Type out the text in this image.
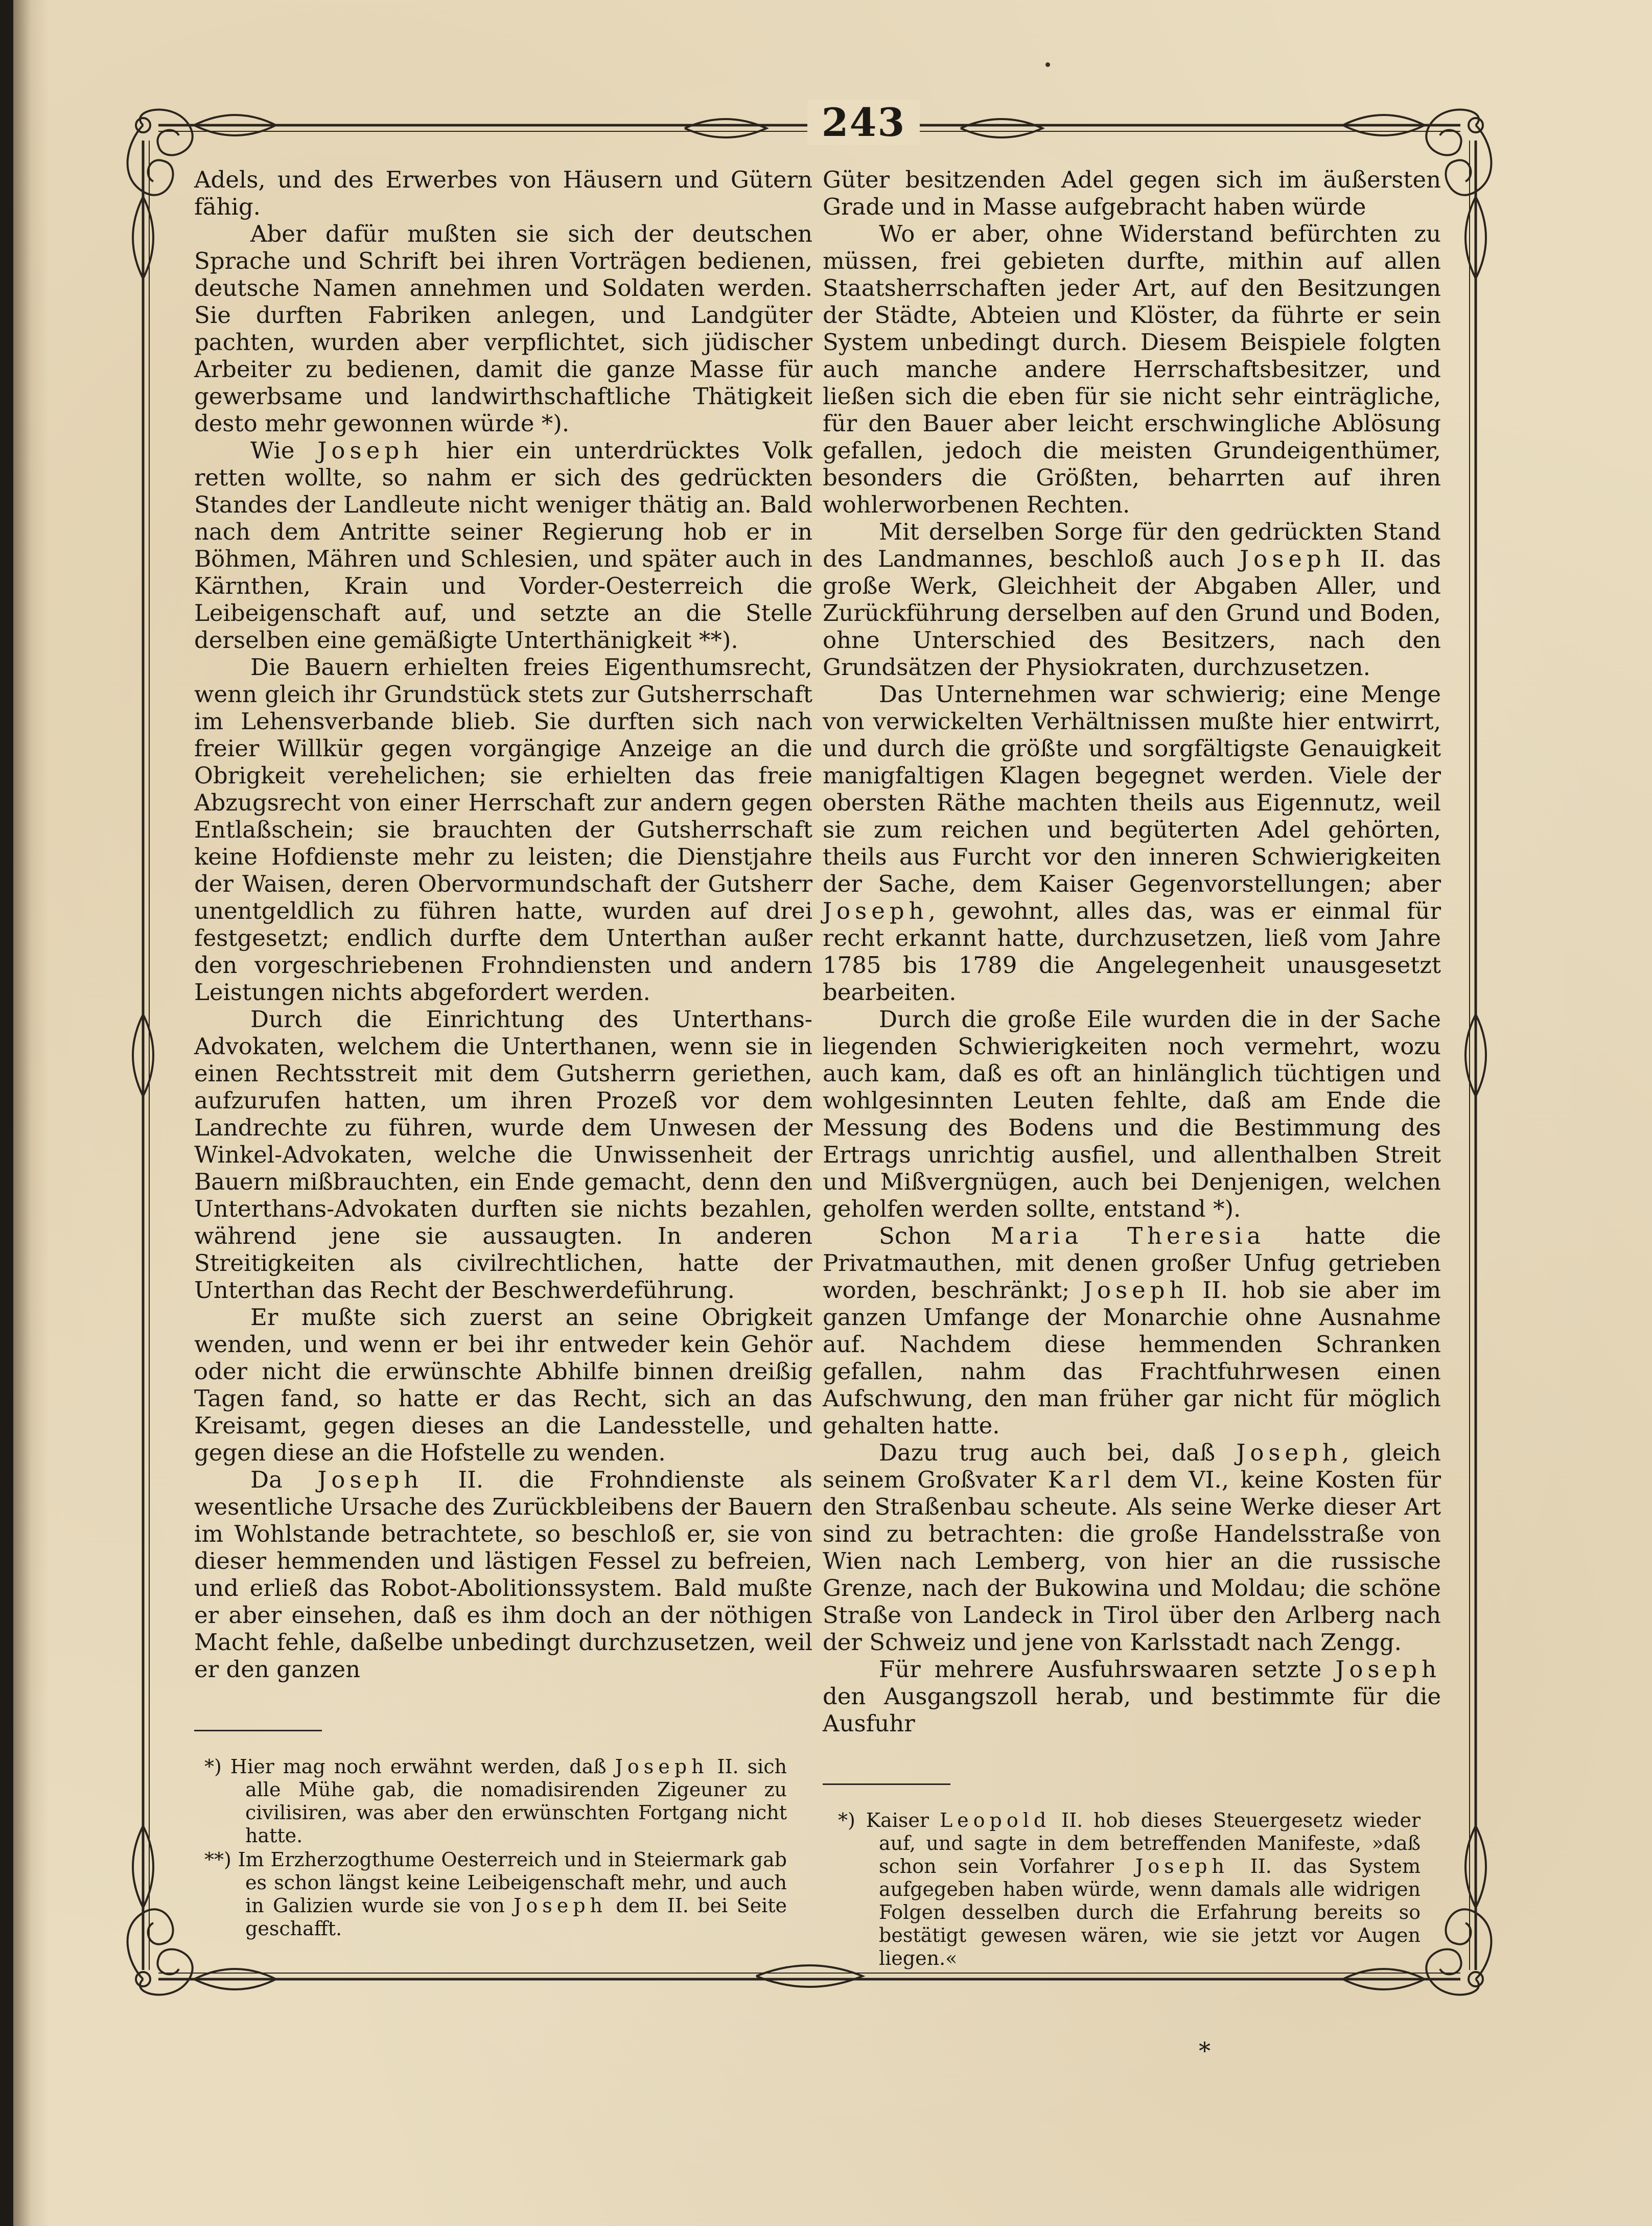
243

Adels, und des Erwerbes von Häusern und Gütern fähig.

Aber dafür mußten sie sich der deutschen Sprache und Schrift bei ihren Vorträgen bedienen, deutsche Namen annehmen und Soldaten werden. Sie durften Fabriken anlegen, und Landgüter pachten, wurden aber verpflichtet, sich jüdischer Arbeiter zu bedienen, damit die ganze Masse für gewerbsame und landwirthschaftliche Thätigkeit desto mehr gewonnen würde *).

Wie Joseph hier ein unterdrücktes Volk retten wollte, so nahm er sich des gedrückten Standes der Landleute nicht weniger thätig an. Bald nach dem Antritte seiner Regierung hob er in Böhmen, Mähren und Schlesien, und später auch in Kärnthen, Krain und Vorder-Oesterreich die Leibeigenschaft auf, und setzte an die Stelle derselben eine gemäßigte Unterthänigkeit **).

Die Bauern erhielten freies Eigenthumsrecht, wenn gleich ihr Grundstück stets zur Gutsherrschaft im Lehensverbande blieb. Sie durften sich nach freier Willkür gegen vorgängige Anzeige an die Obrigkeit verehelichen; sie erhielten das freie Abzugsrecht von einer Herrschaft zur andern gegen Entlaßschein; sie brauchten der Gutsherrschaft keine Hofdienste mehr zu leisten; die Dienstjahre der Waisen, deren Obervormundschaft der Gutsherr unentgeldlich zu führen hatte, wurden auf drei festgesetzt; endlich durfte dem Unterthan außer den vorgeschriebenen Frohndiensten und andern Leistungen nichts abgefordert werden.

Durch die Einrichtung des Unterthans-Advokaten, welchem die Unterthanen, wenn sie in einen Rechtsstreit mit dem Gutsherrn geriethen, aufzurufen hatten, um ihren Prozeß vor dem Landrechte zu führen, wurde dem Unwesen der Winkel-Advokaten, welche die Unwissenheit der Bauern mißbrauchten, ein Ende gemacht, denn den Unterthans-Advokaten durften sie nichts bezahlen, während jene sie aussaugten. In anderen Streitigkeiten als civilrechtlichen, hatte der Unterthan das Recht der Beschwerdeführung.

Er mußte sich zuerst an seine Obrigkeit wenden, und wenn er bei ihr entweder kein Gehör oder nicht die erwünschte Abhilfe binnen dreißig Tagen fand, so hatte er das Recht, sich an das Kreisamt, gegen dieses an die Landesstelle, und gegen diese an die Hofstelle zu wenden.

Da Joseph II. die Frohndienste als wesentliche Ursache des Zurückbleibens der Bauern im Wohlstande betrachtete, so beschloß er, sie von dieser hemmenden und lästigen Fessel zu befreien, und erließ das Robot-Abolitionssystem. Bald mußte er aber einsehen, daß es ihm doch an der nöthigen Macht fehle, daßelbe unbedingt durchzusetzen, weil er den ganzen

Güter besitzenden Adel gegen sich im äußersten Grade und in Masse aufgebracht haben würde

Wo er aber, ohne Widerstand befürchten zu müssen, frei gebieten durfte, mithin auf allen Staatsherrschaften jeder Art, auf den Besitzungen der Städte, Abteien und Klöster, da führte er sein System unbedingt durch. Diesem Beispiele folgten auch manche andere Herrschaftsbesitzer, und ließen sich die eben für sie nicht sehr einträgliche, für den Bauer aber leicht erschwingliche Ablösung gefallen, jedoch die meisten Grundeigenthümer, besonders die Größten, beharrten auf ihren wohlerworbenen Rechten.

Mit derselben Sorge für den gedrückten Stand des Landmannes, beschloß auch Joseph II. das große Werk, Gleichheit der Abgaben Aller, und Zurückführung derselben auf den Grund und Boden, ohne Unterschied des Besitzers, nach den Grundsätzen der Physiokraten, durchzusetzen.

Das Unternehmen war schwierig; eine Menge von verwickelten Verhältnissen mußte hier entwirrt, und durch die größte und sorgfältigste Genauigkeit manigfaltigen Klagen begegnet werden. Viele der obersten Räthe machten theils aus Eigennutz, weil sie zum reichen und begüterten Adel gehörten, theils aus Furcht vor den inneren Schwierigkeiten der Sache, dem Kaiser Gegenvorstellungen; aber Joseph, gewohnt, alles das, was er einmal für recht erkannt hatte, durchzusetzen, ließ vom Jahre 1785 bis 1789 die Angelegenheit unausgesetzt bearbeiten.

Durch die große Eile wurden die in der Sache liegenden Schwierigkeiten noch vermehrt, wozu auch kam, daß es oft an hinlänglich tüchtigen und wohlgesinnten Leuten fehlte, daß am Ende die Messung des Bodens und die Bestimmung des Ertrags unrichtig ausfiel, und allenthalben Streit und Mißvergnügen, auch bei Denjenigen, welchen geholfen werden sollte, entstand *).

Schon Maria Theresia hatte die Privatmauthen, mit denen großer Unfug getrieben worden, beschränkt; Joseph II. hob sie aber im ganzen Umfange der Monarchie ohne Ausnahme auf. Nachdem diese hemmenden Schranken gefallen, nahm das Frachtfuhrwesen einen Aufschwung, den man früher gar nicht für möglich gehalten hatte.

Dazu trug auch bei, daß Joseph, gleich seinem Großvater Karl dem VI., keine Kosten für den Straßenbau scheute. Als seine Werke dieser Art sind zu betrachten: die große Handelsstraße von Wien nach Lemberg, von hier an die russische Grenze, nach der Bukowina und Moldau; die schöne Straße von Landeck in Tirol über den Arlberg nach der Schweiz und jene von Karlsstadt nach Zengg.

Für mehrere Ausfuhrswaaren setzte Joseph den Ausgangszoll herab, und bestimmte für die Ausfuhr

*) Hier mag noch erwähnt werden, daß Joseph II. sich alle Mühe gab, die nomadisirenden Zigeuner zu civilisiren, was aber den erwünschten Fortgang nicht hatte.

**) Im Erzherzogthume Oesterreich und in Steiermark gab es schon längst keine Leibeigenschaft mehr, und auch in Galizien wurde sie von Joseph dem II. bei Seite geschafft.

*) Kaiser Leopold II. hob dieses Steuergesetz wieder auf, und sagte in dem betreffenden Manifeste, »daß schon sein Vorfahrer Joseph II. das System aufgegeben haben würde, wenn damals alle widrigen Folgen desselben durch die Erfahrung bereits so bestätigt gewesen wären, wie sie jetzt vor Augen liegen.«

*
